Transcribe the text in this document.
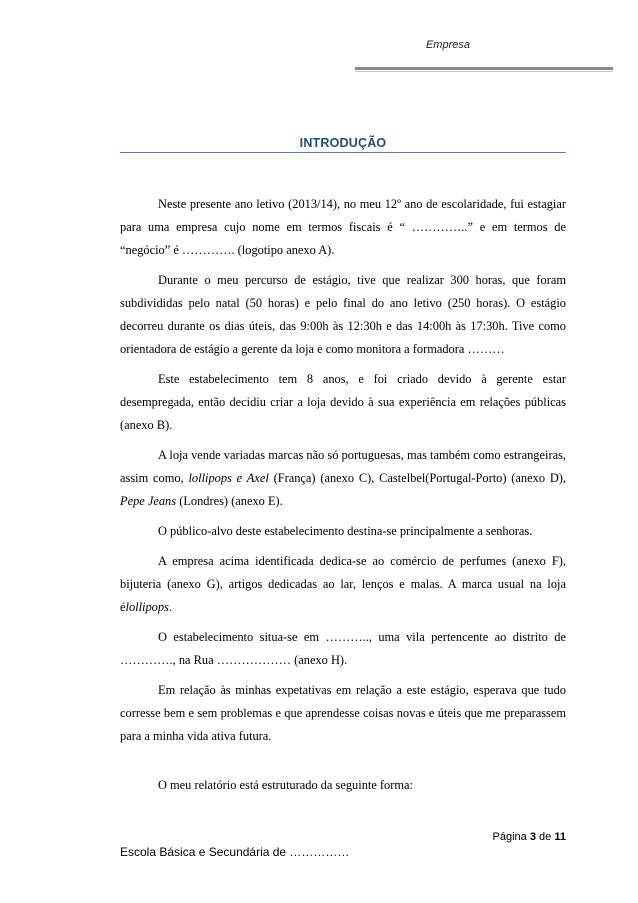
Empresa
INTRODUÇÃO

Neste presente ano letivo (2013/14), no meu 12º ano de escolaridade, fui estagiar para uma empresa cujo nome em termos fiscais é “ …………..” e em termos de “negócio” é …………. (logotipo anexo A).

Durante o meu percurso de estágio, tive que realizar 300 horas, que foram subdivididas pelo natal (50 horas) e pelo final do ano letivo (250 horas). O estágio decorreu durante os dias úteis, das 9:00h às 12:30h e das 14:00h às 17:30h. Tive como orientadora de estágio a gerente da loja e como monitora a formadora ………

Este estabelecimento tem 8 anos, e foi criado devido à gerente estar desempregada, então decidiu criar a loja devido à sua experiência em relações públicas (anexo B).

A loja vende variadas marcas não só portuguesas, mas também como estrangeiras, assim como, lollipops e Axel (França) (anexo C), Castelbel(Portugal-Porto) (anexo D), Pepe Jeans (Londres) (anexo E).

O público-alvo deste estabelecimento destina-se principalmente a senhoras.

A empresa acima identificada dedica-se ao comércio de perfumes (anexo F), bijuteria (anexo G), artigos dedicadas ao lar, lenços e malas. A marca usual na loja élollipops.

O estabelecimento situa-se em ……….., uma vila pertencente ao distrito de …………., na Rua ……………… (anexo H).

Em relação às minhas expetativas em relação a este estágio, esperava que tudo corresse bem e sem problemas e que aprendesse coisas novas e úteis que me preparassem para a minha vida ativa futura.

O meu relatório está estruturado da seguinte forma:

Página 3 de 11
Escola Básica e Secundária de ……………
